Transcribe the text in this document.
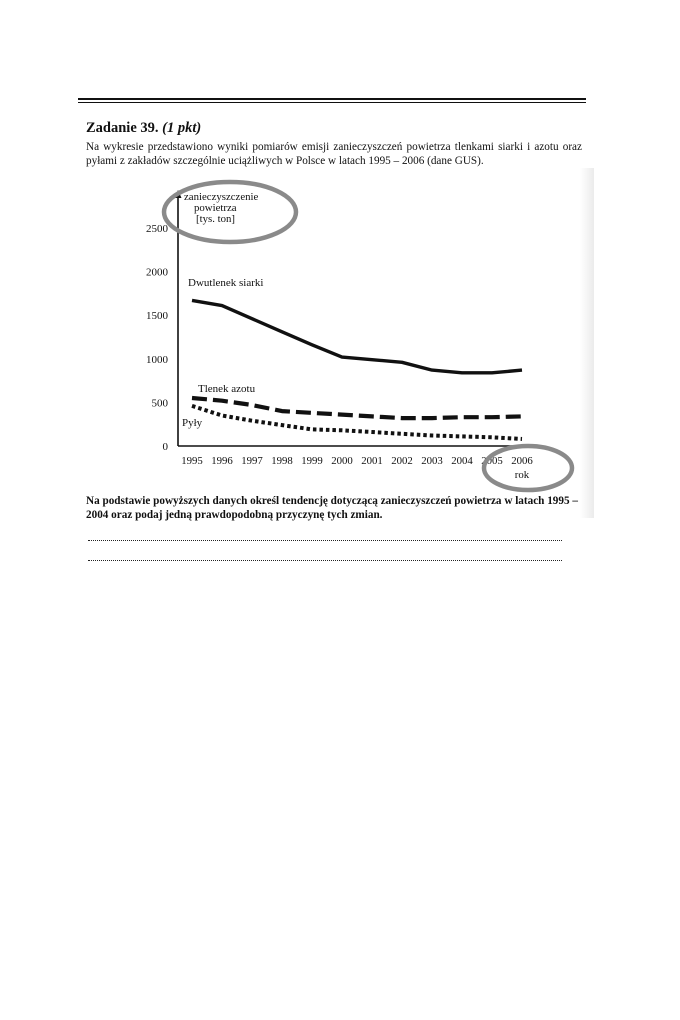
Zadanie 39. (1 pkt)
Na wykresie przedstawiono wyniki pomiarów emisji zanieczyszczeń powietrza tlenkami siarki i azotu oraz pyłami z zakładów szczególnie uciążliwych w Polsce w latach 1995 – 2006 (dane GUS).
0
500
1000
1500
2000
2500
1995 1996 1997 1998 1999 2000 2001 2002 2003 2004 2005 2006
zanieczyszczenie
powietrza
[tys. ton]
rok
Dwutlenek siarki
Tlenek azotu
Pyły
Na podstawie powyższych danych określ tendencję dotyczącą zanieczyszczeń powietrza w latach 1995 – 2004 oraz podaj jedną prawdopodobną przyczynę tych zmian.
